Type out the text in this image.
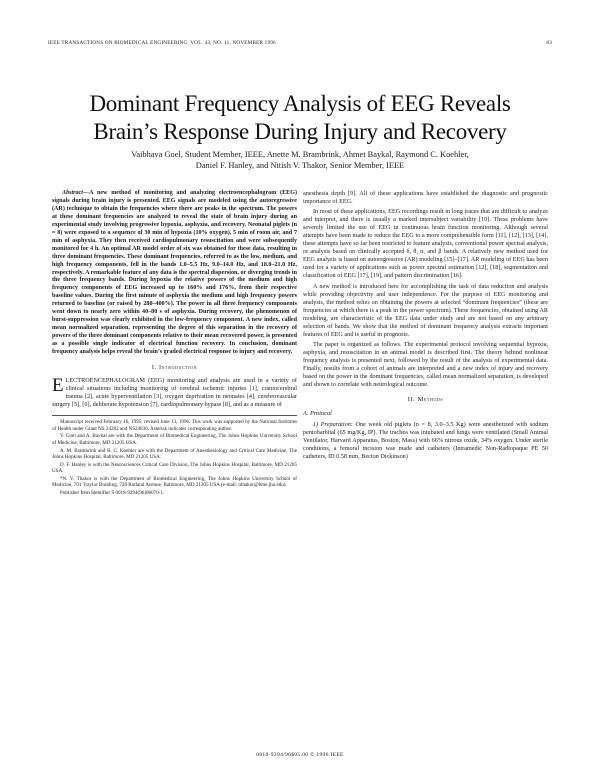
IEEE TRANSACTIONS ON BIOMEDICAL ENGINEERING, VOL. 43, NO. 11, NOVEMBER 1996	83
Dominant Frequency Analysis of EEG Reveals
Brain’s Response During Injury and Recovery
Vaibhava Goel, Student Member, IEEE, Anette M. Brambrink, Ahmet Baykal, Raymond C. Koehler,
Daniel F. Hanley, and Nitish V. Thakor, Senior Member, IEEE

Abstract—A new method of monitoring and analyzing electroencephalogram (EEG) signals during brain injury is presented. EEG signals are modeled using the autoregressive (AR) technique to obtain the frequencies where there are peaks in the spectrum. The powers at these dominant frequencies are analyzed to reveal the state of brain injury during an experimental study involving progressive hypoxia, asphyxia, and recovery. Neonatal piglets (n = 8) were exposed to a sequence of 30 min of hypoxia (10% oxygen), 5 min of room air, and 7 min of asphyxia. They then received cardiopulmonary resuscitation and were subsequently monitored for 4 h. An optimal AR model order of six was obtained for these data, resulting in three dominant frequencies. These dominant frequencies, referred to as the low, medium, and high frequency components, fell in the bands 1.0–5.5 Hz, 9.0–14.0 Hz, and 18.0–21.0 Hz, respectively. A remarkable feature of any data is the spectral dispersion, or diverging trends in the three frequency bands. During hypoxia the relative powers of the medium and high frequency components of EEG increased up to 160% and 176%, from their respective baseline values. During the first minute of asphyxia the medium and high frequency powers returned to baseline (or raised by 280–400%). The power in all three frequency components went down to nearly zero within 40–80 s of asphyxia. During recovery, the phenomenon of burst-suppression was clearly exhibited in the low-frequency component. A new index, called mean normalized separation, representing the degree of this separation in the recovery of powers of the three dominant components relative to their mean recovered power, is presented as a possible single indicator of electrical function recovery. In conclusion, dominant frequency analysis helps reveal the brain’s graded electrical response to injury and recovery.

I. Introduction

ELECTROENCEPHALOGRAM (EEG) monitoring and analysis are used in a variety of clinical situations including monitoring of cerebral ischemic injuries [1], craniocerebral trauma [2], acute hyperventilation [3], oxygen deprivation in neonates [4], cerebrovascular surgery [5], [6], deliberate hypotension [7], cardiopulmonary bypass [8], and as a measure of

Manuscript received February 16, 1995; revised June 13, 1996. This work was supported by the National Institutes of Health under Grant NS 24282 and NS24836. Asterisk indicates corresponding author.

V. Goel and A. Baykal are with the Department of Biomedical Engineering, The Johns Hopkins University School of Medicine, Baltimore, MD 21205 USA.

A. M. Brambrink and R. C. Koehler are with the Department of Anesthesiology and Critical Care Medicine, The Johns Hopkins Hospital, Baltimore, MD 21205 USA.

D. F. Hanley is with the Neurosciences Critical Care Division, The Johns Hopkins Hospital, Baltimore, MD 21205 USA.

*N. V. Thakor is with the Department of Biomedical Engineering, The Johns Hopkins University School of Medicine, 701 Traylor Building, 720 Rutland Avenue, Baltimore, MD 21205 USA (e-mail: nthakor@bme.jhu.edu).

Publisher Item Identifier S 0018-9294(96)08070-1.

anesthesia depth [9]. All of these applications have established the diagnostic and prognostic importance of EEG.

In most of these applications, EEG recordings result in long traces that are difficult to analyze and interpret, and there is usually a marked intersubject variability [10]. These problems have severely limited the use of EEG in continuous brain function monitoring. Although several attempts have been made to reduce the EEG to a more comprehensible form [11], [12], [13], [14], these attempts have so far been restricted to feature analysis, conventional power spectral analysis, or analysis based on clinically accepted δ, θ, α, and β bands. A relatively new method used for EEG analysis is based on autoregressive (AR) modeling [15]–[17]. AR modeling of EEG has been used for a variety of applications such as power spectral estimation [12], [18], segmentation and classification of EEG [17], [19], and pattern discrimination [16].

A new method is introduced here for accomplishing the task of data reduction and analysis while providing objectivity and user independence. For the purpose of EEG monitoring and analysis, the method relies on obtaining the powers at selected “dominant frequencies” (these are frequencies at which there is a peak in the power spectrum). These frequencies, obtained using AR modeling, are characteristic of the EEG data under study and are not based on any arbitrary selection of bands. We show that the method of dominant frequency analysis extracts important features of EEG and is useful in prognosis.

The paper is organized as follows. The experimental protocol involving sequential hypoxia, asphyxia, and resuscitation in an animal model is described first. The theory behind nonlinear frequency analysis is presented next, followed by the result of the analysis of experimental data. Finally, results from a cohort of animals are interpreted and a new index of injury and recovery based on the power in the dominant frequencies, called mean normalized separation, is developed and shown to correlate with neurological outcome.

II. Methods
A. Protocol

1) Preparation: One week old piglets (n = 8, 3.0–3.5 Kg) were anesthetized with sodium pentobarbital (65 mg/Kg, IP). The trachea was intubated and lungs were ventilated (Small Animal Ventilator, Harvard Apparatus, Boston, Mass) with 66% nitrous oxide, 34% oxygen. Under sterile conditions, a femoral incision was made and catheters (Intramedic Non-Radiopaque PE 50 catheters, ID 0.58 mm, Becton Dickinson)

0018-9294/96$05.00 © 1996 IEEE
